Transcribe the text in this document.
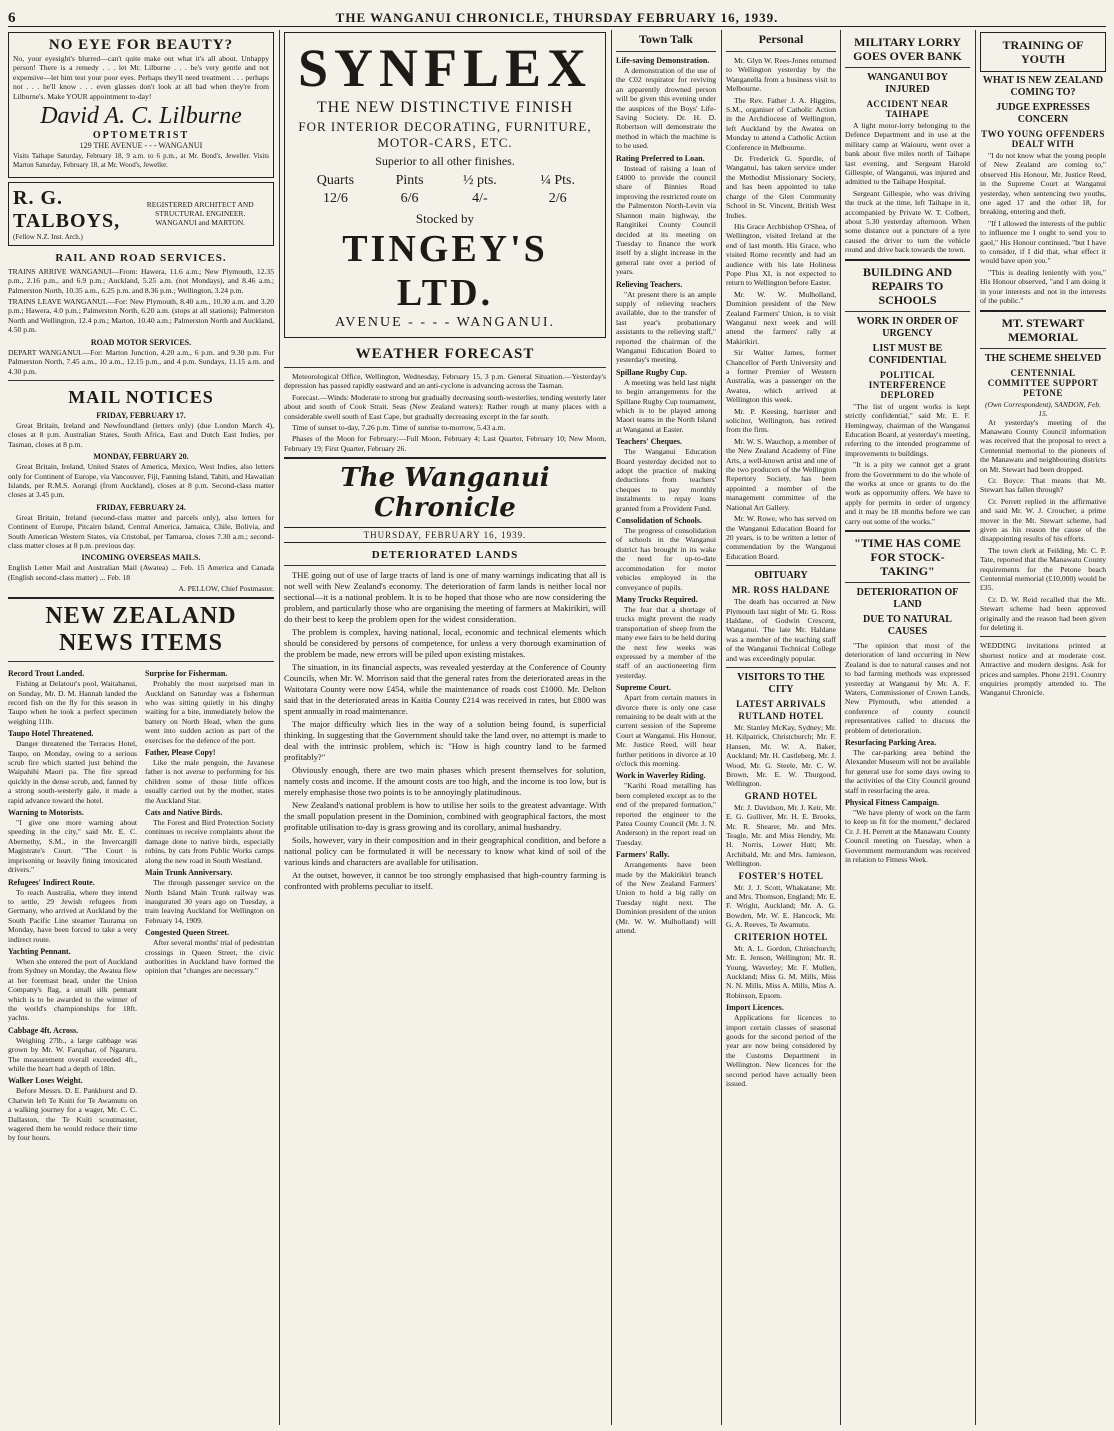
6	THE WANGANUI CHRONICLE, THURSDAY FEBRUARY 16, 1939.
NO EYE FOR BEAUTY?

No, your eyesight's blurred—can't quite make out what it's all about. Unhappy person! There is a remedy . . . let Mr. Lilburne . . . he's very gentle and not expensive—let him test your poor eyes. Perhaps they'll need treatment . . . perhaps not . . . he'll know . . . even glasses don't look at all bad when they're from Lilburne's. Make YOUR appointment to-day!

David A. C. Lilburne
OPTOMETRIST
129 THE AVENUE - - - WANGANUI

Visits Taihape Saturday, February 18, 9 a.m. to 6 p.m., at Mr. Bond's, Jeweller. Visits Marton Saturday, February 18, at Mr. Wood's, Jeweller.

R. G. TALBOYS,
(Fellow N.Z. Inst. Arch.)
REGISTERED ARCHITECT AND STRUCTURAL ENGINEER.
WANGANUI and MARTON.
RAIL AND ROAD SERVICES.

TRAINS ARRIVE WANGANUI—From: Hawera, 11.6 a.m.; New Plymouth, 12.35 p.m., 2.16 p.m., and 6.9 p.m.; Auckland, 5.25 a.m. (not Mondays), and 8.46 a.m.; Palmerston North, 10.35 a.m., 6.25 p.m. and 8.36 p.m.; Wellington, 3.24 p.m.

TRAINS LEAVE WANGANUI.—For: New Plymouth, 8.40 a.m., 10.30 a.m. and 3.20 p.m.; Hawera, 4.0 p.m.; Palmerston North, 6.20 a.m. (stops at all stations); Palmerston North and Wellington, 12.4 p.m.; Marton, 10.40 a.m.; Palmerston North and Auckland, 4.50 p.m.

ROAD MOTOR SERVICES.

DEPART WANGANUI.—For: Marton Junction, 4.20 a.m., 6 p.m. and 9.30 p.m. For Palmerston North, 7.45 a.m., 10 a.m., 12.15 p.m., and 4 p.m. Sundays, 11.15 a.m. and 4.30 p.m.

MAIL NOTICES
FRIDAY, FEBRUARY 17.

Great Britain, Ireland and Newfoundland (letters only) (due London March 4), closes at 8 p.m. Australian States, South Africa, East and Dutch East Indies, per Tasman, closes at 8 p.m.

MONDAY, FEBRUARY 20.

Great Britain, Ireland, United States of America, Mexico, West Indies, also letters only for Continent of Europe, via Vancouver, Fiji, Fanning Island, Tahiti, and Hawaiian Islands, per R.M.S. Aorangi (from Auckland), closes at 8 p.m. Second-class matter closes at 3.45 p.m.

FRIDAY, FEBRUARY 24.

Great Britain, Ireland (second-class matter and parcels only), also letters for Continent of Europe, Pitcairn Island, Central America, Jamaica, Chile, Bolivia, and South American Western States, via Cristobal, per Tamaroa, closes 7.30 a.m.; second-class matter closes at 8 p.m. previous day.

INCOMING OVERSEAS MAILS.

English Letter Mail and Australian Mail (Awatea) ... Feb. 15 America and Canada (English second-class matter) ... Feb. 18

A. PELLOW, Chief Postmaster.
NEW ZEALAND NEWS ITEMS
Record Trout Landed.

Fishing at Delatour's pool, Waitahanui, on Sunday, Mr. D. M. Hannah landed the record fish on the fly for this season in Taupo when he took a perfect specimen weighing 11lb.

Taupo Hotel Threatened.

Danger threatened the Terraces Hotel, Taupo, on Monday, owing to a serious scrub fire which started just behind the Waipahihi Maori pa. The fire spread quickly in the dense scrub, and, fanned by a strong south-westerly gale, it made a rapid advance toward the hotel.

Warning to Motorists.

"I give one more warning about speeding in the city," said Mr. E. C. Abernethy, S.M., in the Invercargill Magistrate's Court. "The Court is imprisoning or heavily fining intoxicated drivers."

Refugees' Indirect Route.

To reach Australia, where they intend to settle, 29 Jewish refugees from Germany, who arrived at Auckland by the South Pacific Line steamer Taurama on Monday, have been forced to take a very indirect route.

Yachting Pennant.

When she entered the port of Auckland from Sydney on Monday, the Awatea flew at her foremast head, under the Union Company's flag, a small silk pennant which is to be awarded to the winner of the world's championships for 18ft. yachts.

Cabbage 4ft. Across.

Weighing 27lb., a large cabbage was grown by Mr. W. Farquhar, of Ngaruru. The measurement overall exceeded 4ft., while the heart had a depth of 18in.

Walker Loses Weight.

Before Messrs. D. E. Pankhurst and D. Chatwin left Te Kuiti for Te Awamutu on a walking journey for a wager, Mr. C. C. Dallaston, the Te Kuiti scoutmaster, wagered them he would reduce their time by four hours.

Surprise for Fisherman.

Probably the most surprised man in Auckland on Saturday was a fisherman who was sitting quietly in his dinghy waiting for a bite, immediately below the battery on North Head, when the guns went into sudden action as part of the exercises for the defence of the port.

Father, Please Copy!

Like the male penguin, the Javanese father is not averse to performing for his children some of those little offices usually carried out by the mother, states the Auckland Star.

Cats and Native Birds.

The Forest and Bird Protection Society continues to receive complaints about the damage done to native birds, especially robins, by cats from Public Works camps along the new road in South Westland.

Main Trunk Anniversary.

The through passenger service on the North Island Main Trunk railway was inaugurated 30 years ago on Tuesday, a train leaving Auckland for Wellington on February 14, 1909.

Congested Queen Street.

After several months' trial of pedestrian crossings in Queen Street, the civic authorities in Auckland have formed the opinion that "changes are necessary."

SYNFLEX
THE NEW DISTINCTIVE FINISH
FOR INTERIOR DECORATING, FURNITURE, MOTOR-CARS, ETC.
Superior to all other finishes.
Quarts	Pints	½ pts.	¼ Pts.
12/6	6/6	4/-	2/6
Stocked by
TINGEY'S LTD.
AVENUE - - - - WANGANUI.
WEATHER FORECAST

Meteorological Office, Wellington, Wednesday, February 15, 3 p.m. General Situation.—Yesterday's depression has passed rapidly eastward and an anti-cyclone is advancing across the Tasman.

Forecast.—Winds: Moderate to strong but gradually decreasing south-westerlies, tending westerly later about and south of Cook Strait. Seas (New Zealand waters): Rather rough at many places with a considerable swell south of East Cape, but gradually decreasing except in the far south.

Time of sunset to-day, 7.26 p.m. Time of sunrise to-morrow, 5.43 a.m.

Phases of the Moon for February:—Full Moon, February 4; Last Quarter, February 10; New Moon, February 19; First Quarter, February 26.

The Wanganui Chronicle
THURSDAY, FEBRUARY 16, 1939.
DETERIORATED LANDS

THE going out of use of large tracts of land is one of many warnings indicating that all is not well with New Zealand's economy. The deterioration of farm lands is neither local nor sectional—it is a national problem. It is to be hoped that those who are now considering the problem, and particularly those who are organising the meeting of farmers at Makirikiri, will do their best to keep the problem open for the widest consideration.

The problem is complex, having national, local, economic and technical elements which should be considered by persons of competence, for unless a very thorough examination of the problem be made, new errors will be piled upon existing mistakes.

The situation, in its financial aspects, was revealed yesterday at the Conference of County Councils, when Mr. W. Morrison said that the general rates from the deteriorated areas in the Waitotara County were now £454, while the maintenance of roads cost £1000. Mr. Delton said that in the deteriorated areas in Kaitia County £214 was received in rates, but £800 was spent annually in road maintenance.

The major difficulty which lies in the way of a solution being found, is superficial thinking. In suggesting that the Government should take the land over, no attempt is made to deal with the intrinsic problem, which is: "How is high country land to be farmed profitably?"

Obviously enough, there are two main phases which present themselves for solution, namely costs and income. If the amount costs are too high, and the income is too low, but is merely emphasise those two points is to be annoyingly platitudinous.

New Zealand's national problem is how to utilise her soils to the greatest advantage. With the small population present in the Dominion, combined with geographical factors, the most profitable utilisation to-day is grass growing and its corollary, animal husbandry.

Soils, however, vary in their composition and in their geographical condition, and before a national policy can be formulated it will be necessary to know what kind of soil of the various kinds and characters are available for utilisation.

At the outset, however, it cannot be too strongly emphasised that high-country farming is confronted with problems peculiar to itself.

Town Talk
Life-saving Demonstration.

A demonstration of the use of the C02 respirator for reviving an apparently drowned person will be given this evening under the auspices of the Boys' Life-Saving Society. Dr. H. D. Robertson will demonstrate the method in which the machine is to be used.

Rating Preferred to Loan.

Instead of raising a loan of £4000 to provide the council share of Binnies Road improving the restricted route on the Palmerston North-Levin via Shannon main highway, the Rangitikei County Council decided at its meeting on Tuesday to finance the work itself by a slight increase in the general rate over a period of years.

Relieving Teachers.

"At present there is an ample supply of relieving teachers available, due to the transfer of last year's probationary assistants to the relieving staff," reported the chairman of the Wanganui Education Board to yesterday's meeting.

Spillane Rugby Cup.

A meeting was held last night to begin arrangements for the Spillane Rugby Cup tournament, which is to be played among Maori teams in the North Island at Wanganui at Easter.

Teachers' Cheques.

The Wanganui Education Board yesterday decided not to adopt the practice of making deductions from teachers' cheques to pay monthly instalments to repay loans granted from a Provident Fund.

Consolidation of Schools.

The progress of consolidation of schools in the Wanganui district has brought in its wake the need for up-to-date accommodation for motor vehicles employed in the conveyance of pupils.

Many Trucks Required.

The fear that a shortage of trucks might prevent the ready transportation of sheep from the many ewe fairs to be held during the next few weeks was expressed by a member of the staff of an auctioneering firm yesterday.

Supreme Court.

Apart from certain matters in divorce there is only one case remaining to be dealt with at the current session of the Supreme Court at Wanganui. His Honour, Mr. Justice Reed, will hear further petitions in divorce at 10 o'clock this morning.

Work in Waverley Riding.

"Karihi Road metalling has been completed except as to the end of the prepared formation," reported the engineer to the Patea County Council (Mr. J. N. Anderson) in the report read on Tuesday.

Farmers' Rally.

Arrangements have been made by the Makirikiri branch of the New Zealand Farmers' Union to hold a big rally on Tuesday night next. The Dominion president of the union (Mr. W. W. Mulholland) will attend.

Personal

Mr. Glyn W. Rees-Jones returned to Wellington yesterday by the Wanganella from a business visit to Melbourne.

The Rev. Father J. A. Higgins, S.M., organiser of Catholic Action in the Archdiocese of Wellington, left Auckland by the Awatea on Monday to attend a Catholic Action Conference in Melbourne.

Dr. Frederick G. Spurdle, of Wanganui, has taken service under the Methodist Missionary Society, and has been appointed to take charge of the Glen Community School in St. Vincent, British West Indies.

His Grace Archbishop O'Shea, of Wellington, visited Ireland at the end of last month. His Grace, who visited Rome recently and had an audience with his late Holiness Pope Pius XI, is not expected to return to Wellington before Easter.

Mr. W. W. Mulholland, Dominion president of the New Zealand Farmers' Union, is to visit Wanganui next week and will attend the farmers' rally at Makirikiri.

Sir Walter James, former Chancellor of Perth University and a former Premier of Western Australia, was a passenger on the Awatea, which arrived at Wellington this week.

Mr. P. Keesing, barrister and solicitor, Wellington, has retired from the firm.

Mr. W. S. Wauchop, a member of the New Zealand Academy of Fine Arts, a well-known artist and one of the two producers of the Wellington Repertory Society, has been appointed a member of the management committee of the National Art Gallery.

Mr. W. Rowe, who has served on the Wanganui Education Board for 20 years, is to be written a letter of commendation by the Wanganui Education Board.

OBITUARY
MR. ROSS HALDANE

The death has occurred at New Plymouth last night of Mr. G. Ross Haldane, of Godwin Crescent, Wanganui. The late Mr. Haldane was a member of the teaching staff of the Wanganui Technical College and was exceedingly popular.

VISITORS TO THE CITY
LATEST ARRIVALS
RUTLAND HOTEL

Mr. Stanley McKay, Sydney; Mr. H. Kilpatrick, Christchurch; Mr. F. Hansen, Mr. W. A. Baker, Auckland; Mr. H. Castleberg, Mr. J. Wood, Mr. G. Steele, Mr. C. W. Brown, Mr. E. W. Thurgood, Wellington.

GRAND HOTEL

Mr. J. Davidson, Mr. J. Keir, Mr. E. G. Gulliver, Mr. H. E. Brooks, Mr. R. Shearer, Mr. and Mrs. Teagle, Mr. and Miss Hendry, Mr. H. Norris, Lower Hutt; Mr. Archibald, Mr. and Mrs. Jamieson, Wellington.

FOSTER'S HOTEL

Mr. J. J. Scott, Whakatane; Mr. and Mrs. Thomson, England; Mr. E. F. Wright, Auckland; Mr. A. G. Bowden, Mr. W. E. Hancock, Mr. G. A. Reeves, Te Awamutu.

CRITERION HOTEL

Mr. A. L. Gordon, Christchurch; Mr. E. Jenson, Wellington; Mr. R. Young, Waverley; Mr. F. Mullen, Auckland; Miss G. M. Mills, Miss N. N. Mills, Miss A. Mills, Miss A. Robinson, Epsom.

Import Licences.

Applications for licences to import certain classes of seasonal goods for the second period of the year are now being considered by the Customs Department in Wellington. New licences for the second period have actually been issued.

MILITARY LORRY GOES OVER BANK
WANGANUI BOY INJURED
ACCIDENT NEAR TAIHAPE

A light motor-lorry belonging to the Defence Department and in use at the military camp at Waiouru, went over a bank about five miles north of Taihape last evening, and Sergeant Harold Gillespie, of Wanganui, was injured and admitted to the Taihape Hospital.

Sergeant Gillespie, who was driving the truck at the time, left Taihape in it, accompanied by Private W. T. Colbert, about 5.30 yesterday afternoon. When some distance out a puncture of a tyre caused the driver to turn the vehicle round and drive back towards the town.

BUILDING AND REPAIRS TO SCHOOLS
WORK IN ORDER OF URGENCY
LIST MUST BE CONFIDENTIAL
POLITICAL INTERFERENCE DEPLORED

"The list of urgent works is kept strictly confidential," said Mr. E. F. Hemingway, chairman of the Wanganui Education Board, at yesterday's meeting, referring to the intended programme of improvements to buildings.

"It is a pity we cannot get a grant from the Government to do the whole of the works at once or grants to do the work as opportunity offers. We have to apply for permits in order of urgency and it may be 18 months before we can carry out some of the works."

"TIME HAS COME FOR STOCK-TAKING"
DETERIORATION OF LAND
DUE TO NATURAL CAUSES

"The opinion that most of the deterioration of land occurring in New Zealand is due to natural causes and not to bad farming methods was expressed yesterday at Wanganui by Mr. A. F. Waters, Commissioner of Crown Lands, New Plymouth, who attended a conference of county council representatives called to discuss the problem of deterioration.

Resurfacing Parking Area.

The car-parking area behind the Alexander Museum will not be available for general use for some days owing to the activities of the City Council ground staff in resurfacing the area.

Physical Fitness Campaign.

"We have plenty of work on the farm to keep us fit for the moment," declared Cr. J. H. Perrett at the Manawatu County Council meeting on Tuesday, when a Government memorandum was received in relation to Fitness Week.

TRAINING OF YOUTH
WHAT IS NEW ZEALAND COMING TO?
JUDGE EXPRESSES CONCERN
TWO YOUNG OFFENDERS DEALT WITH

"I do not know what the young people of New Zealand are coming to," observed His Honour, Mr. Justice Reed, in the Supreme Court at Wanganui yesterday, when sentencing two youths, one aged 17 and the other 18, for breaking, entering and theft.

"If I allowed the interests of the public to influence me I ought to send you to gaol," His Honour continued, "but I have to consider, if I did that, what effect it would have upon you."

"This is dealing leniently with you," His Honour observed, "and I am doing it in your interests and not in the interests of the public."

MT. STEWART MEMORIAL
THE SCHEME SHELVED
CENTENNIAL COMMITTEE SUPPORT PETONE
(Own Correspondent), SANDON, Feb. 15.

At yesterday's meeting of the Manawatu County Council information was received that the proposal to erect a Centennial memorial to the pioneers of the Manawatu and neighbouring districts on Mt. Stewart had been dropped.

Cr. Boyce: That means that Mt. Stewart has fallen through?

Cr. Perrett replied in the affirmative and said Mr. W. J. Croucher, a prime mover in the Mt. Stewart scheme, had given as his reason the cause of the disappointing results of his efforts.

The town clerk at Feilding, Mr. C. P. Tate, reported that the Manawatu County requirements for the Petone beach Centennial memorial (£10,000) would be £35.

Cr. D. W. Reid recalled that the Mt. Stewart scheme had been approved originally and the reason had been given for deleting it.

WEDDING invitations printed at shortest notice and at moderate cost. Attractive and modern designs. Ask for prices and samples. Phone 2191. Country enquiries promptly attended to. The Wanganui Chronicle.
